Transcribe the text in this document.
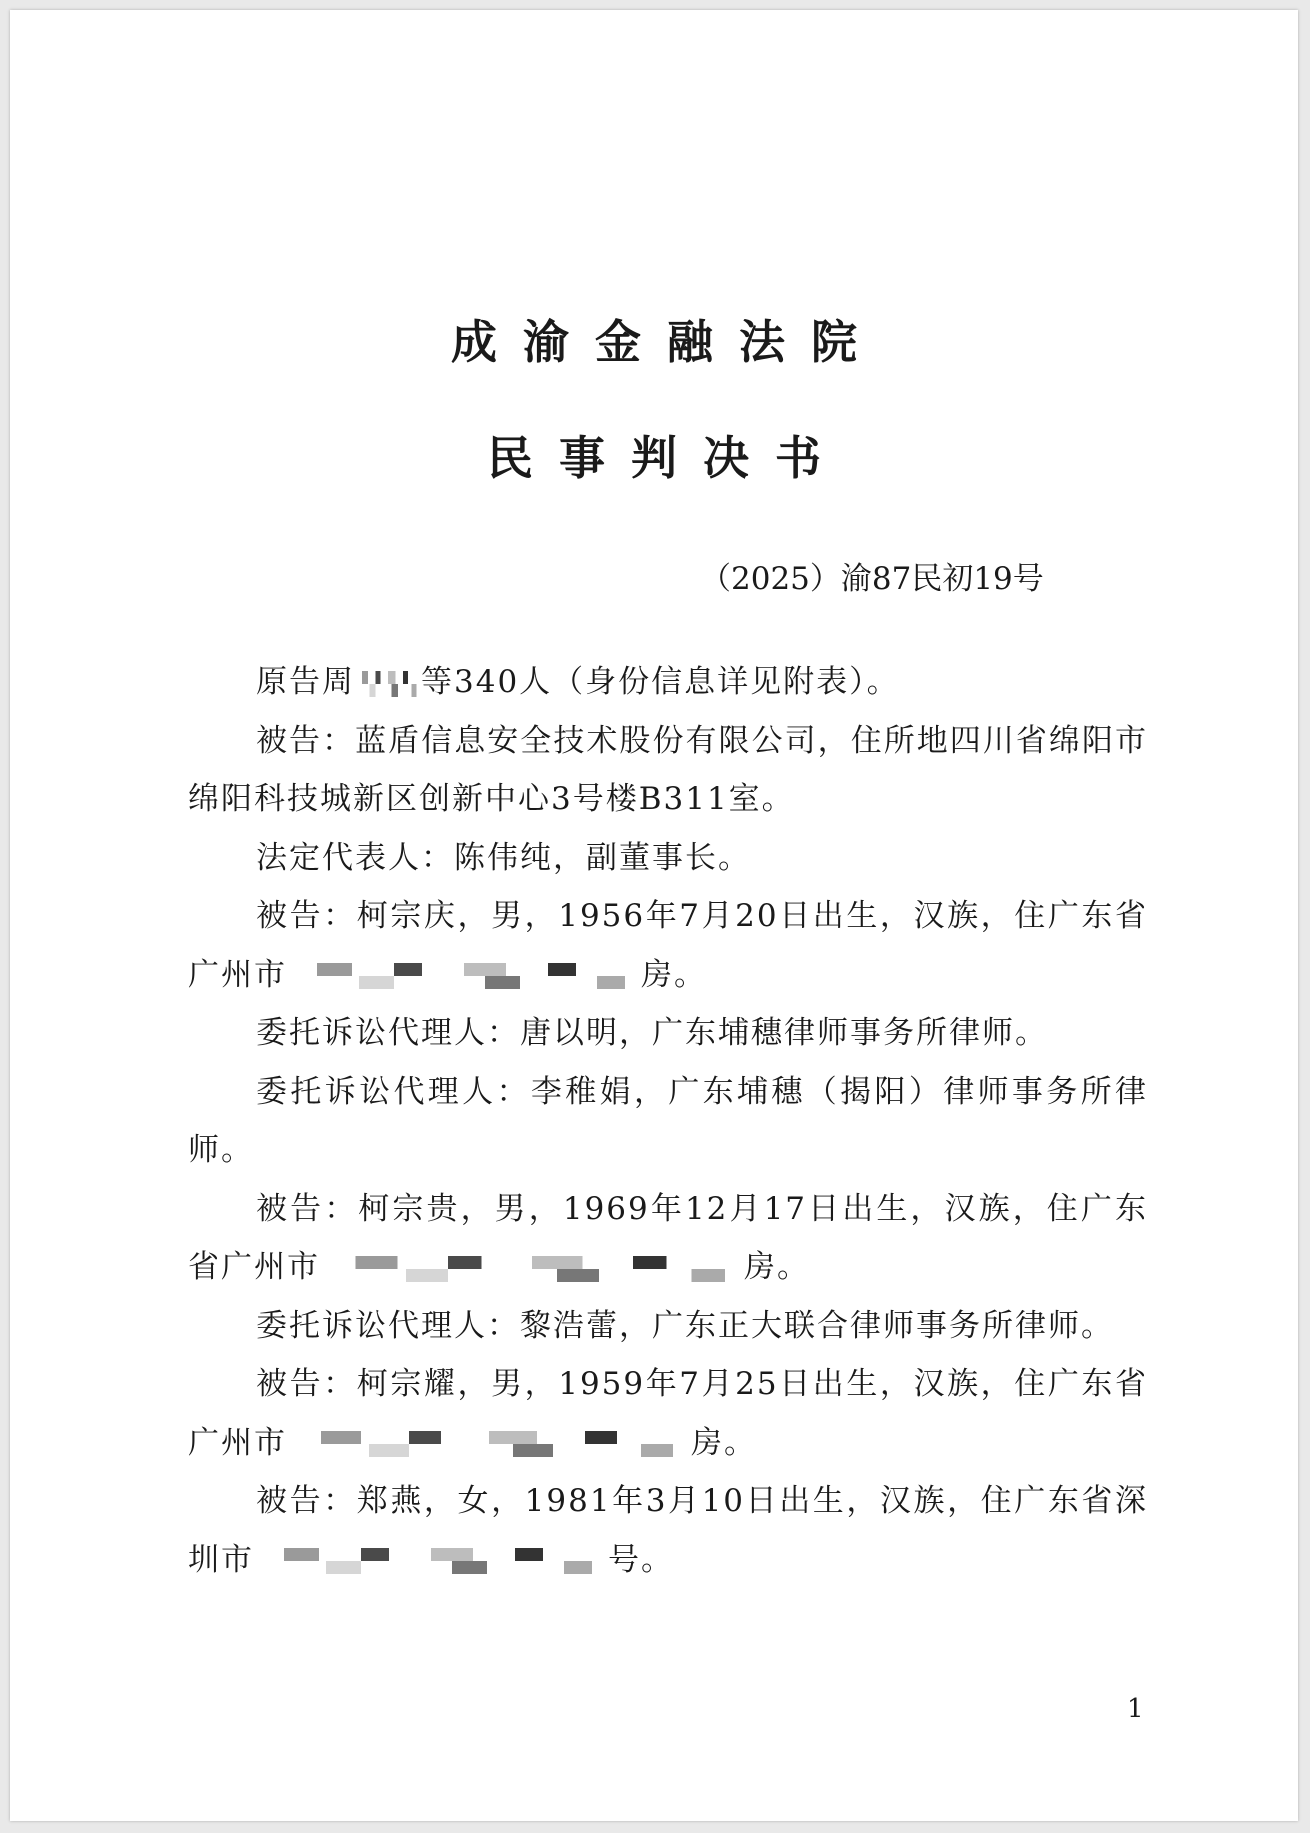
成渝金融法院
民事判决书

（2025）渝87民初19号

原告周 等340人（身份信息详见附表）。

被告：蓝盾信息安全技术股份有限公司，住所地四川省绵阳市绵阳科技城新区创新中心3号楼B311室。

法定代表人：陈伟纯，副董事长。

被告：柯宗庆，男，1956年7月20日出生，汉族，住广东省广州市	房。

委托诉讼代理人：唐以明，广东埔穗律师事务所律师。

委托诉讼代理人：李稚娟，广东埔穗（揭阳）律师事务所律师。

被告：柯宗贵，男，1969年12月17日出生，汉族，住广东省广州市	房。

委托诉讼代理人：黎浩蕾，广东正大联合律师事务所律师。

被告：柯宗耀，男，1959年7月25日出生，汉族，住广东省广州市	房。

被告：郑燕，女，1981年3月10日出生，汉族，住广东省深圳市	号。

1
